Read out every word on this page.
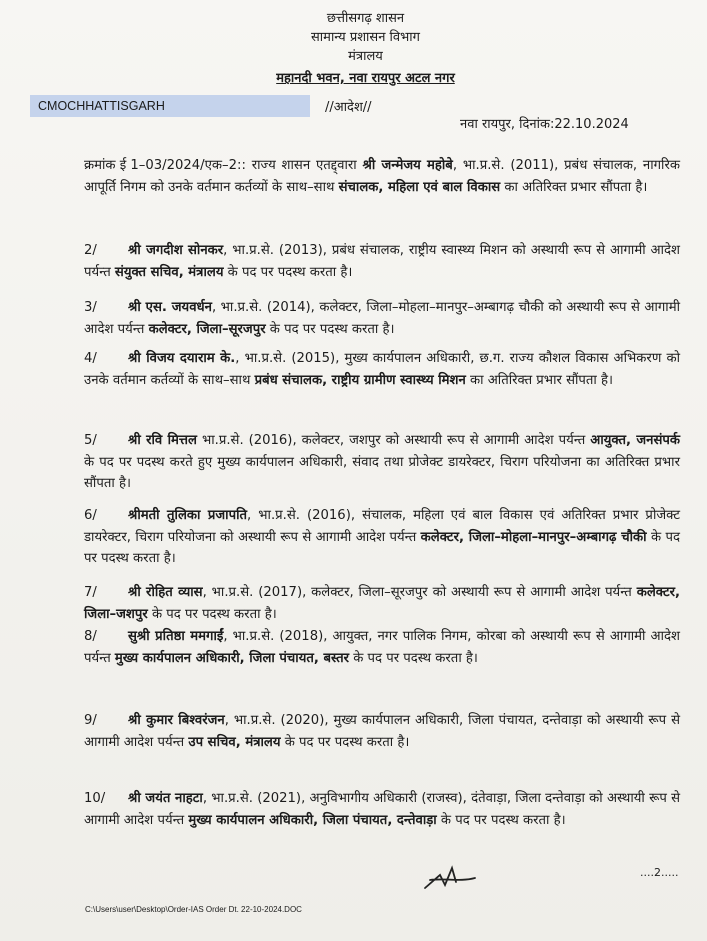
छत्तीसगढ़ शासन
सामान्य प्रशासन विभाग
मंत्रालय
महानदी भवन, नवा रायपुर अटल नगर
CMOCHHATTISGARH	//आदेश//
नवा रायपुर, दिनांक:22.10.2024
क्रमांक ई 1–03/2024/एक–2:: राज्य शासन एतद्द्वारा श्री जन्मेजय महोबे, भा.प्र.से. (2011), प्रबंध संचालक, नागरिक आपूर्ति निगम को उनके वर्तमान कर्तव्यों के साथ–साथ संचालक, महिला एवं बाल विकास का अतिरिक्त प्रभार सौंपता है।
2/ श्री जगदीश सोनकर, भा.प्र.से. (2013), प्रबंध संचालक, राष्ट्रीय स्वास्थ्य मिशन को अस्थायी रूप से आगामी आदेश पर्यन्त संयुक्त सचिव, मंत्रालय के पद पर पदस्थ करता है।
3/ श्री एस. जयवर्धन, भा.प्र.से. (2014), कलेक्टर, जिला–मोहला–मानपुर–अम्बागढ़ चौकी को अस्थायी रूप से आगामी आदेश पर्यन्त कलेक्टर, जिला–सूरजपुर के पद पर पदस्थ करता है।
4/ श्री विजय दयाराम के., भा.प्र.से. (2015), मुख्य कार्यपालन अधिकारी, छ.ग. राज्य कौशल विकास अभिकरण को उनके वर्तमान कर्तव्यों के साथ–साथ प्रबंध संचालक, राष्ट्रीय ग्रामीण स्वास्थ्य मिशन का अतिरिक्त प्रभार सौंपता है।
5/ श्री रवि मित्तल भा.प्र.से. (2016), कलेक्टर, जशपुर को अस्थायी रूप से आगामी आदेश पर्यन्त आयुक्त, जनसंपर्क के पद पर पदस्थ करते हुए मुख्य कार्यपालन अधिकारी, संवाद तथा प्रोजेक्ट डायरेक्टर, चिराग परियोजना का अतिरिक्त प्रभार सौंपता है।
6/ श्रीमती तुलिका प्रजापति, भा.प्र.से. (2016), संचालक, महिला एवं बाल विकास एवं अतिरिक्त प्रभार प्रोजेक्ट डायरेक्टर, चिराग परियोजना को अस्थायी रूप से आगामी आदेश पर्यन्त कलेक्टर, जिला–मोहला–मानपुर–अम्बागढ़ चौकी के पद पर पदस्थ करता है।
7/ श्री रोहित व्यास, भा.प्र.से. (2017), कलेक्टर, जिला–सूरजपुर को अस्थायी रूप से आगामी आदेश पर्यन्त कलेक्टर, जिला–जशपुर के पद पर पदस्थ करता है।
8/ सुश्री प्रतिष्ठा ममगाईं, भा.प्र.से. (2018), आयुक्त, नगर पालिक निगम, कोरबा को अस्थायी रूप से आगामी आदेश पर्यन्त मुख्य कार्यपालन अधिकारी, जिला पंचायत, बस्तर के पद पर पदस्थ करता है।
9/ श्री कुमार बिश्वरंजन, भा.प्र.से. (2020), मुख्य कार्यपालन अधिकारी, जिला पंचायत, दन्तेवाड़ा को अस्थायी रूप से आगामी आदेश पर्यन्त उप सचिव, मंत्रालय के पद पर पदस्थ करता है।
10/ श्री जयंत नाहटा, भा.प्र.से. (2021), अनुविभागीय अधिकारी (राजस्व), दंतेवाड़ा, जिला दन्तेवाड़ा को अस्थायी रूप से आगामी आदेश पर्यन्त मुख्य कार्यपालन अधिकारी, जिला पंचायत, दन्तेवाड़ा के पद पर पदस्थ करता है।
....2.....
C:\Users\user\Desktop\Order-IAS Order Dt. 22-10-2024.DOC
